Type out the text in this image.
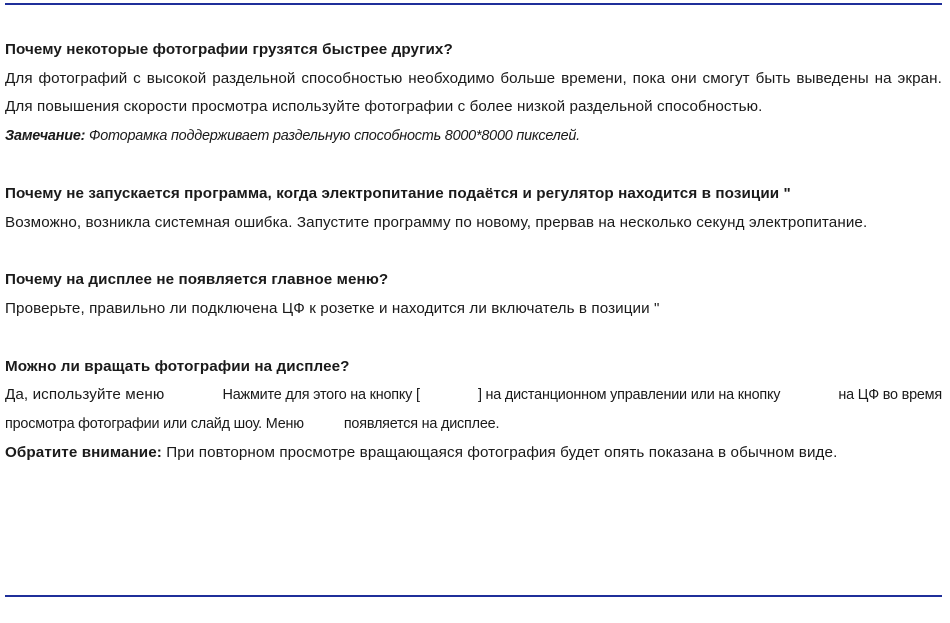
Почему некоторые фотографии грузятся быстрее других?

Для фотографий с высокой раздельной способностью необходимо больше времени, пока они смогут быть выведены на экран. Для повышения скорости просмотра используйте фотографии с более низкой раздельной способностью.

Замечание: Фоторамка поддерживает раздельную способность 8000*8000 пикселей.

Почему не запускается программа, когда электропитание подаётся и регулятор находится в позиции "

Возможно, возникла системная ошибка. Запустите программу по новому, прервав на несколько секунд электропитание.

Почему на дисплее не появляется главное меню?

Проверьте, правильно ли подключена ЦФ к розетке и находится ли включатель в позиции "

Можно ли вращать фотографии на дисплее?

Да, используйте меню	Нажмите для этого на кнопку [	] на дистанционном управлении или на кнопку	на ЦФ во время

просмотра фотографии или слайд шоу. Меню	появляется на дисплее.

Обратите внимание: При повторном просмотре вращающаяся фотография будет опять показана в обычном виде.
